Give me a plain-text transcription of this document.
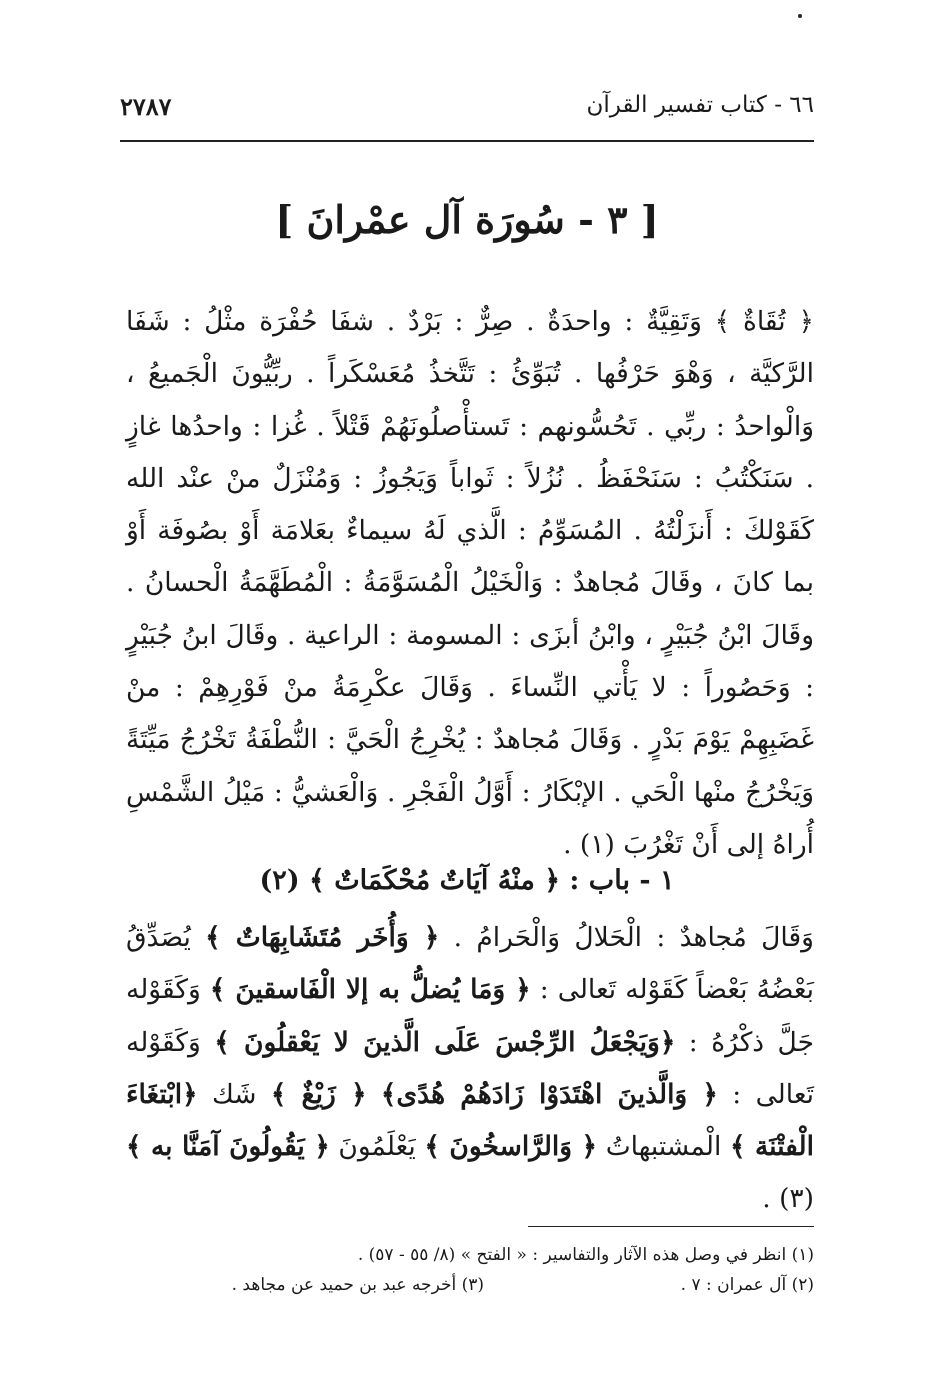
٦٦ - كتاب تفسير القرآن
٢٧٨٧
[ ٣ - سُورَة آل عمْرانَ ]

﴿ تُقَاةٌ ﴾ وَتَقِيَّةٌ : واحدَةٌ . صِرٌّ : بَرْدٌ . شفَا حُفْرَة مثْلُ : شَفَا الرَّكيَّة ، وَهْوَ حَرْفُها . تُبَوِّئُ : تَتَّخذُ مُعَسْكَراً . ربِّيُّونَ الْجَميعُ ، وَالْواحدُ : ربِّي . تَحُسُّونهم : تَستأْصلُونَهُمْ قَتْلاً . غُزا : واحدُها غازٍ . سَنَكْتُبُ : سَنَحْفَظُ . نُزُلاً : ثَواباً وَيَجُوزُ : وَمُنْزَلٌ منْ عنْد الله كَقَوْلكَ : أَنزَلْتُهُ . المُسَوِّمُ : الَّذي لَهُ سيماءٌ بعَلامَة أَوْ بصُوفَة أَوْ بما كانَ ، وقَالَ مُجاهدٌ : وَالْخَيْلُ الْمُسَوَّمَةُ : الْمُطَهَّمَةُ الْحسانُ . وقَالَ ابْنُ جُبَيْرٍ ، وابْنُ أبزَى : المسومة : الراعية . وقَالَ ابنُ جُبَيْرٍ : وَحَصُوراً : لا يَأْتي النِّساءَ . وَقَالَ عكْرِمَةُ منْ فَوْرِهِمْ : منْ غَضَبِهِمْ يَوْمَ بَدْرٍ . وَقَالَ مُجاهدٌ : يُخْرِجُ الْحَيَّ : النُّطْفَةُ تَخْرُجُ مَيِّتَةً وَيَخْرُجُ منْها الْحَي . الإبْكَارُ : أَوَّلُ الْفَجْرِ . وَالْعَشيُّ : مَيْلُ الشَّمْسِ أُراهُ إلى أَنْ تَغْرُبَ (١) .

١ - باب : ﴿ منْهُ آيَاتٌ مُحْكَمَاتٌ ﴾ (٢)

وَقَالَ مُجاهدٌ : الْحَلالُ وَالْحَرامُ . ﴿ وَأُخَر مُتَشَابِهَاتٌ ﴾ يُصَدِّقُ بَعْضُهُ بَعْضاً كَقَوْله تَعالى : ﴿ وَمَا يُضلُّ به إلا الْفَاسقينَ ﴾ وَكَقَوْله جَلَّ ذكْرُهُ : ﴿وَيَجْعَلُ الرِّجْسَ عَلَى الَّذينَ لا يَعْقلُونَ ﴾ وَكَقَوْله تَعالى : ﴿ وَالَّذينَ اهْتَدَوْا زَادَهُمْ هُدًى﴾ ﴿ زَيْغٌ ﴾ شَك ﴿ابْتغَاءَ الْفتْنَة ﴾ الْمشتبهاتُ ﴿ وَالرَّاسخُونَ ﴾ يَعْلَمُونَ ﴿ يَقُولُونَ آمَنَّا به ﴾ (٣) .

(١) انظر في وصل هذه الآثار والتفاسير : « الفتح » (٨/ ٥٥ - ٥٧) .
(٢) آل عمران : ٧ .
(٣) أخرجه عبد بن حميد عن مجاهد .
